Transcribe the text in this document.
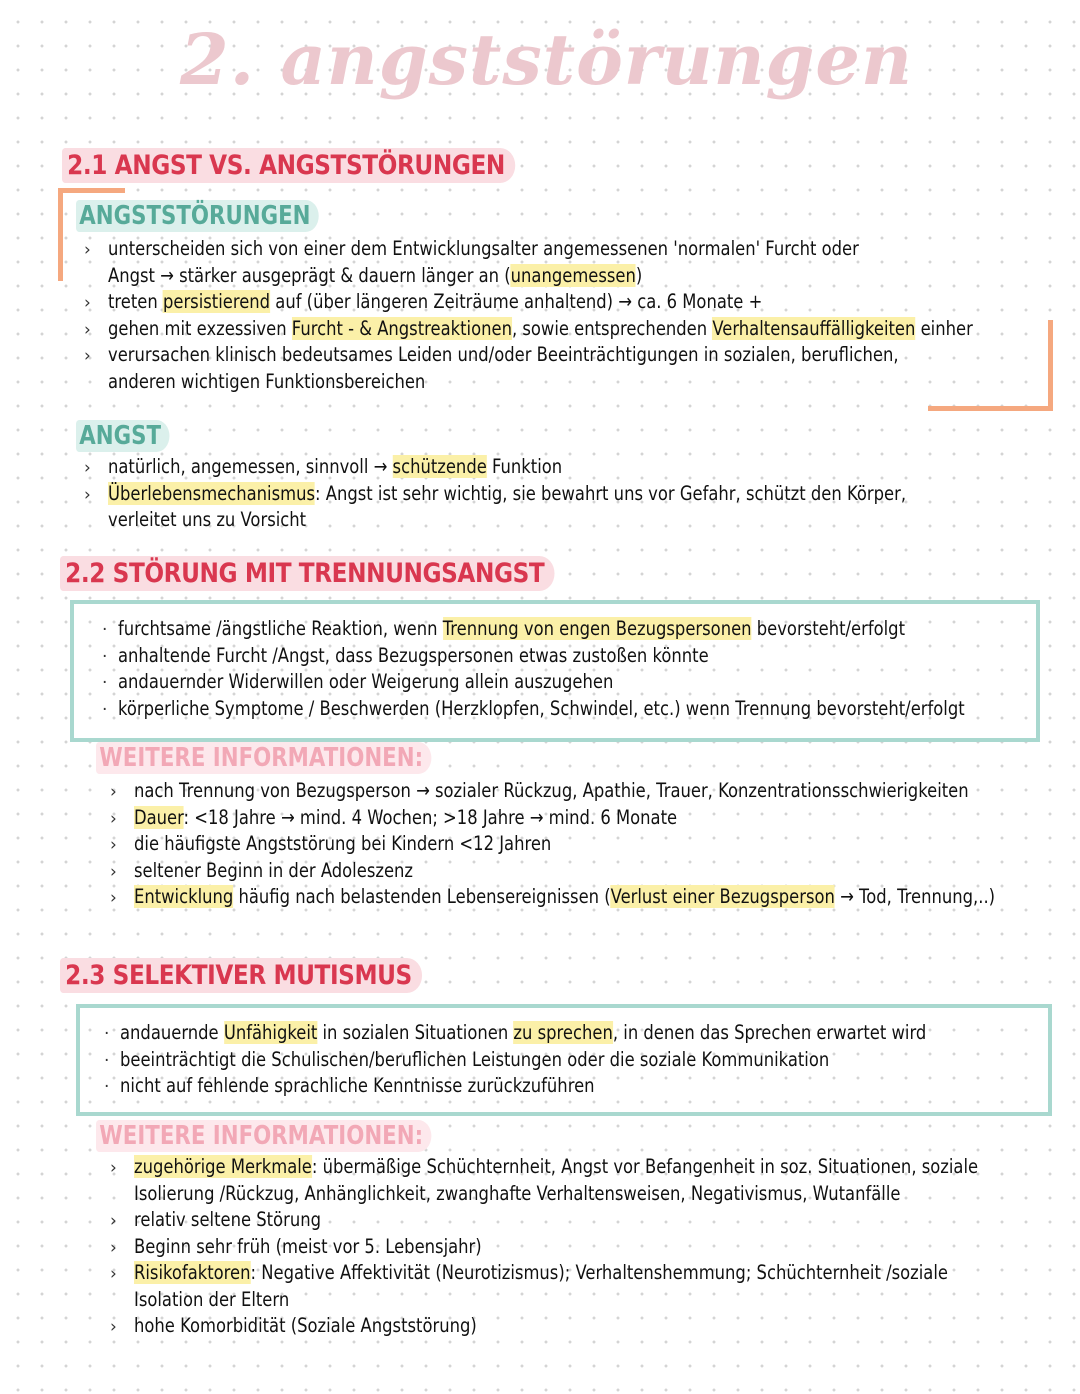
2. angststörungen
2.1 ANGST VS. ANGSTSTÖRUNGEN
ANGSTSTÖRUNGEN
› unterscheiden sich von einer dem Entwicklungsalter angemessenen 'normalen' Furcht oder
Angst → stärker ausgeprägt & dauern länger an (unangemessen)
› treten persistierend auf (über längeren Zeiträume anhaltend) → ca. 6 Monate +
› gehen mit exzessiven Furcht - & Angstreaktionen, sowie entsprechenden Verhaltensauffälligkeiten einher
› verursachen klinisch bedeutsames Leiden und/oder Beeinträchtigungen in sozialen, beruflichen,
anderen wichtigen Funktionsbereichen
ANGST
› natürlich, angemessen, sinnvoll → schützende Funktion
› Überlebensmechanismus: Angst ist sehr wichtig, sie bewahrt uns vor Gefahr, schützt den Körper,
verleitet uns zu Vorsicht
2.2 STÖRUNG MIT TRENNUNGSANGST
· furchtsame /ängstliche Reaktion, wenn Trennung von engen Bezugspersonen bevorsteht/erfolgt
· anhaltende Furcht /Angst, dass Bezugspersonen etwas zustoßen könnte
· andauernder Widerwillen oder Weigerung allein auszugehen
· körperliche Symptome / Beschwerden (Herzklopfen, Schwindel, etc.) wenn Trennung bevorsteht/erfolgt
WEITERE INFORMATIONEN:
› nach Trennung von Bezugsperson → sozialer Rückzug, Apathie, Trauer, Konzentrationsschwierigkeiten
› Dauer: <18 Jahre → mind. 4 Wochen; >18 Jahre → mind. 6 Monate
› die häufigste Angststörung bei Kindern <12 Jahren
› seltener Beginn in der Adoleszenz
› Entwicklung häufig nach belastenden Lebensereignissen (Verlust einer Bezugsperson → Tod, Trennung,..)
2.3 SELEKTIVER MUTISMUS
· andauernde Unfähigkeit in sozialen Situationen zu sprechen, in denen das Sprechen erwartet wird
· beeinträchtigt die Schulischen/beruflichen Leistungen oder die soziale Kommunikation
· nicht auf fehlende sprachliche Kenntnisse zurückzuführen
WEITERE INFORMATIONEN:
› zugehörige Merkmale: übermäßige Schüchternheit, Angst vor Befangenheit in soz. Situationen, soziale
Isolierung /Rückzug, Anhänglichkeit, zwanghafte Verhaltensweisen, Negativismus, Wutanfälle
› relativ seltene Störung
› Beginn sehr früh (meist vor 5. Lebensjahr)
› Risikofaktoren: Negative Affektivität (Neurotizismus); Verhaltenshemmung; Schüchternheit /soziale
Isolation der Eltern
› hohe Komorbidität (Soziale Angststörung)
